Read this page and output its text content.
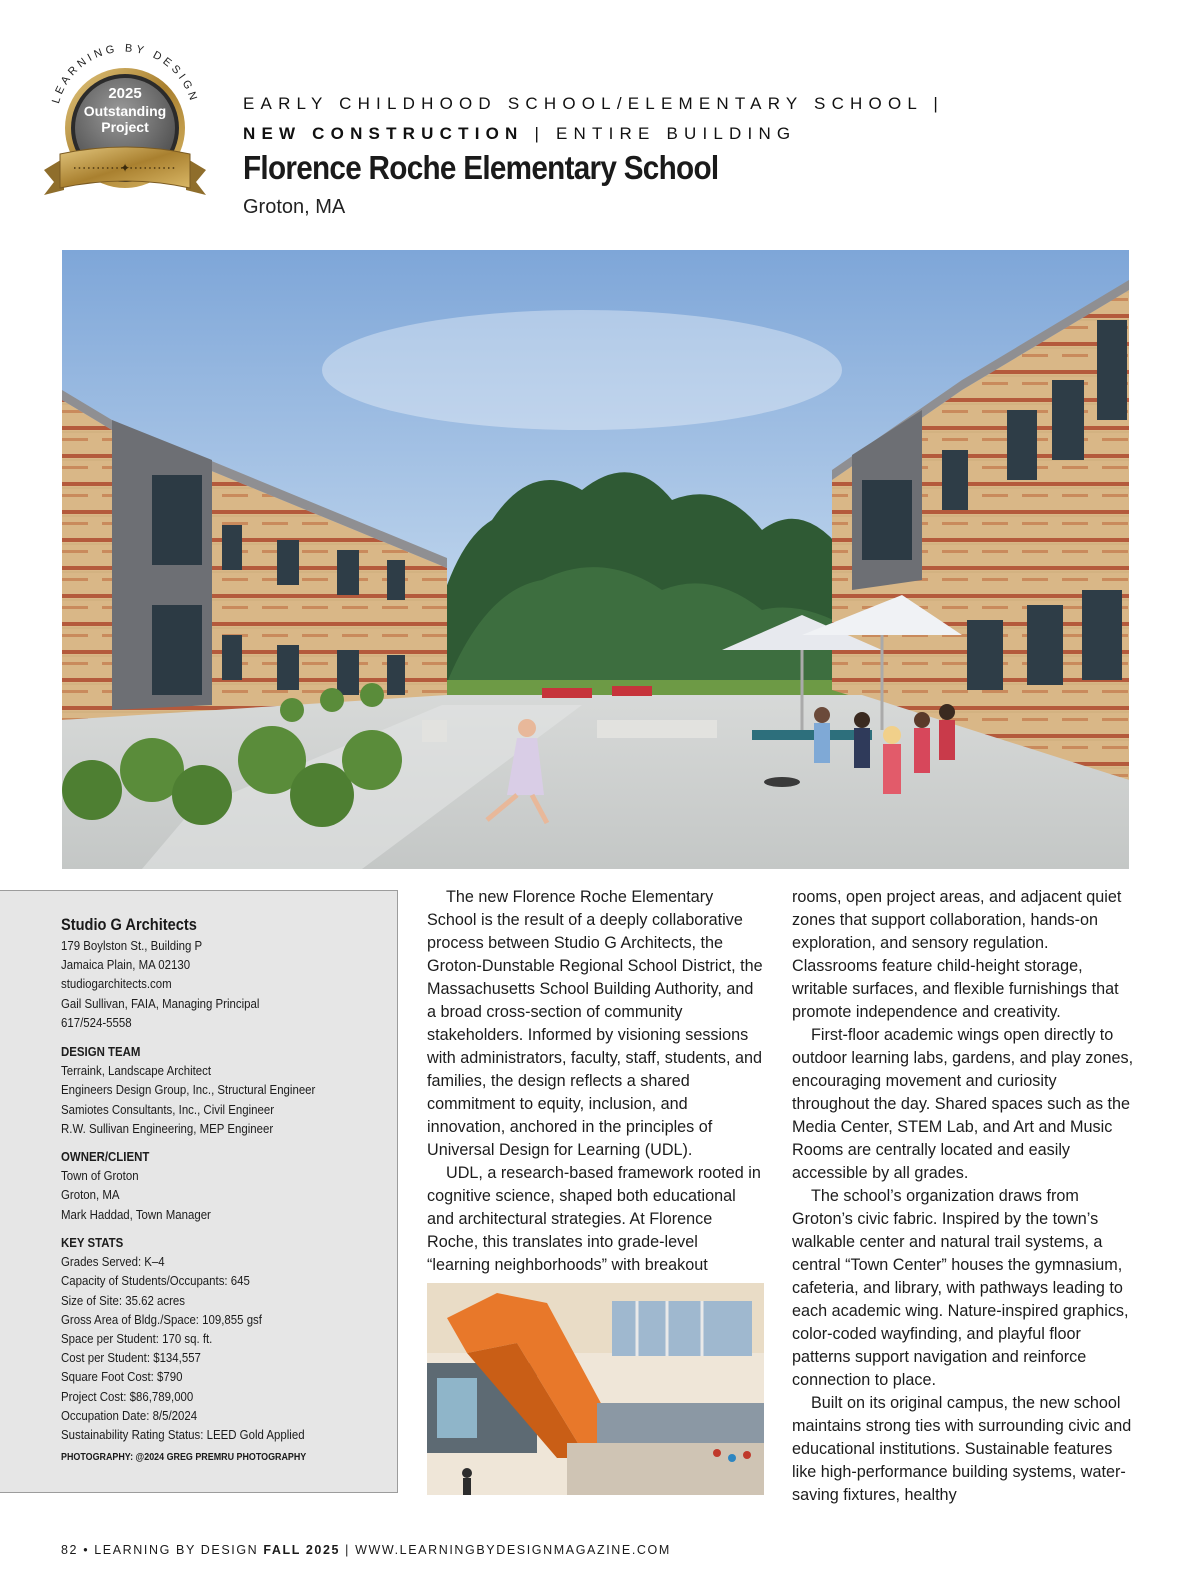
LEARNING BY DESIGN
2025
Outstanding
Project
✦
EARLY CHILDHOOD SCHOOL/ELEMENTARY SCHOOL |
NEW CONSTRUCTION | ENTIRE BUILDING
Florence Roche Elementary School
Groton, MA
Studio G Architects
179 Boylston St., Building P
Jamaica Plain, MA 02130
studiogarchitects.com
Gail Sullivan, FAIA, Managing Principal
617/524-5558
DESIGN TEAM
Terraink, Landscape Architect
Engineers Design Group, Inc., Structural Engineer
Samiotes Consultants, Inc., Civil Engineer
R.W. Sullivan Engineering, MEP Engineer
OWNER/CLIENT
Town of Groton
Groton, MA
Mark Haddad, Town Manager
KEY STATS
Grades Served: K–4
Capacity of Students/Occupants: 645
Size of Site: 35.62 acres
Gross Area of Bldg./Space: 109,855 gsf
Space per Student: 170 sq. ft.
Cost per Student: $134,557
Square Foot Cost: $790
Project Cost: $86,789,000
Occupation Date: 8/5/2024
Sustainability Rating Status: LEED Gold Applied
PHOTOGRAPHY: @2024 GREG PREMRU PHOTOGRAPHY

The new Florence Roche Elementary School is the result of a deeply collaborative process between Studio G Architects, the Groton-Dunstable Regional School District, the Massachusetts School Building Authority, and a broad cross-section of community stakeholders. Informed by visioning sessions with administrators, faculty, staff, students, and families, the design reflects a shared commitment to equity, inclusion, and innovation, anchored in the principles of Universal Design for Learning (UDL).

UDL, a research-based framework rooted in cognitive science, shaped both educational and architectural strategies. At Florence Roche, this translates into grade-level “learning neighborhoods” with breakout

rooms, open project areas, and adjacent quiet zones that support collaboration, hands-on exploration, and sensory regulation. Classrooms feature child-height storage, writable surfaces, and flexible furnishings that promote independence and creativity.

First-floor academic wings open directly to outdoor learning labs, gardens, and play zones, encouraging movement and curiosity throughout the day. Shared spaces such as the Media Center, STEM Lab, and Art and Music Rooms are centrally located and easily accessible by all grades.

The school’s organization draws from Groton’s civic fabric. Inspired by the town’s walkable center and natural trail systems, a central “Town Center” houses the gymnasium, cafeteria, and library, with pathways leading to each academic wing. Nature-inspired graphics, color-coded wayfinding, and playful floor patterns support navigation and reinforce connection to place.

Built on its original campus, the new school maintains strong ties with surrounding civic and educational institutions. Sustainable features like high-performance building systems, water-saving fixtures, healthy

82 • LEARNING BY DESIGN FALL 2025 | WWW.LEARNINGBYDESIGNMAGAZINE.COM
